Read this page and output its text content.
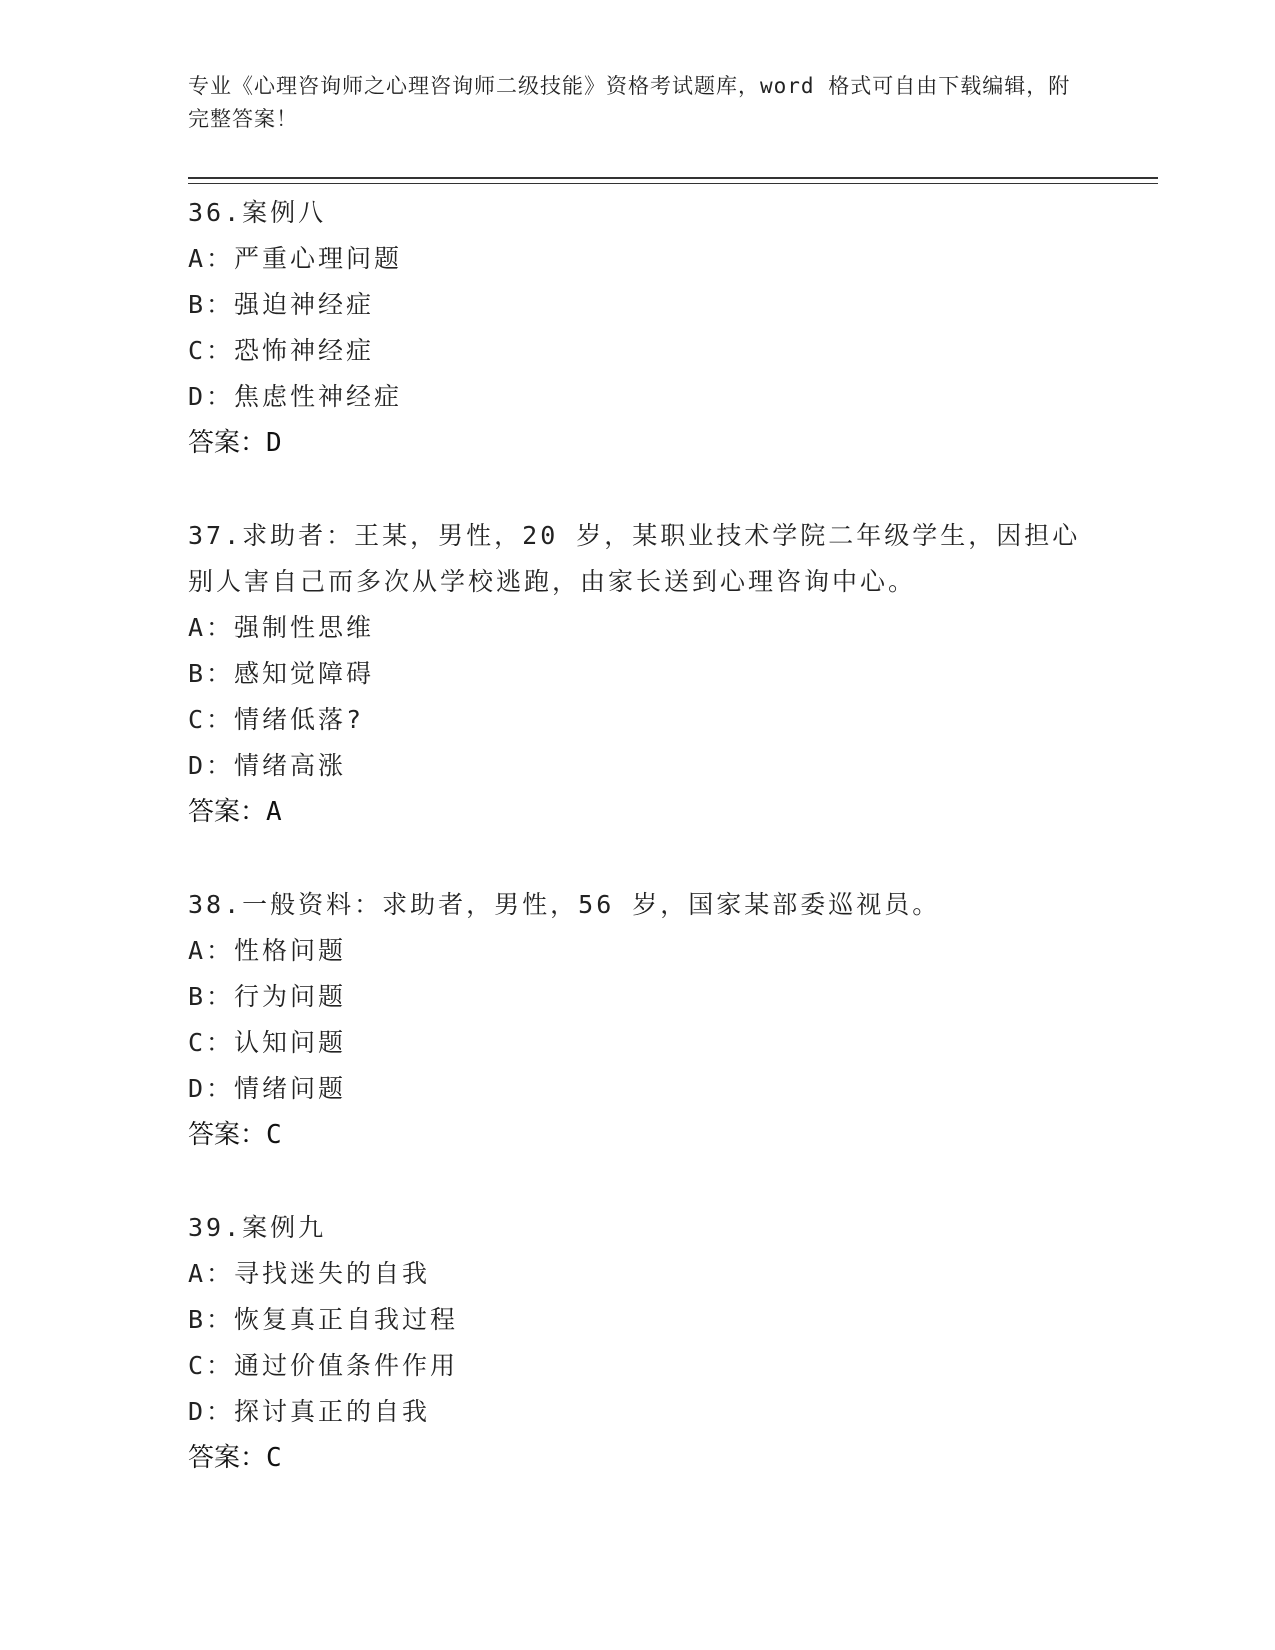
专业《心理咨询师之心理咨询师二级技能》资格考试题库，word 格式可自由下载编辑，附完整答案！
36.案例八
A：严重心理问题
B：强迫神经症
C：恐怖神经症
D：焦虑性神经症
答案：D
37.求助者：王某，男性，20 岁，某职业技术学院二年级学生，因担心别人害自己而多次从学校逃跑，由家长送到心理咨询中心。
A：强制性思维
B：感知觉障碍
C：情绪低落?
D：情绪高涨
答案：A
38.一般资料：求助者，男性，56 岁，国家某部委巡视员。
A：性格问题
B：行为问题
C：认知问题
D：情绪问题
答案：C
39.案例九
A：寻找迷失的自我
B：恢复真正自我过程
C：通过价值条件作用
D：探讨真正的自我
答案：C
